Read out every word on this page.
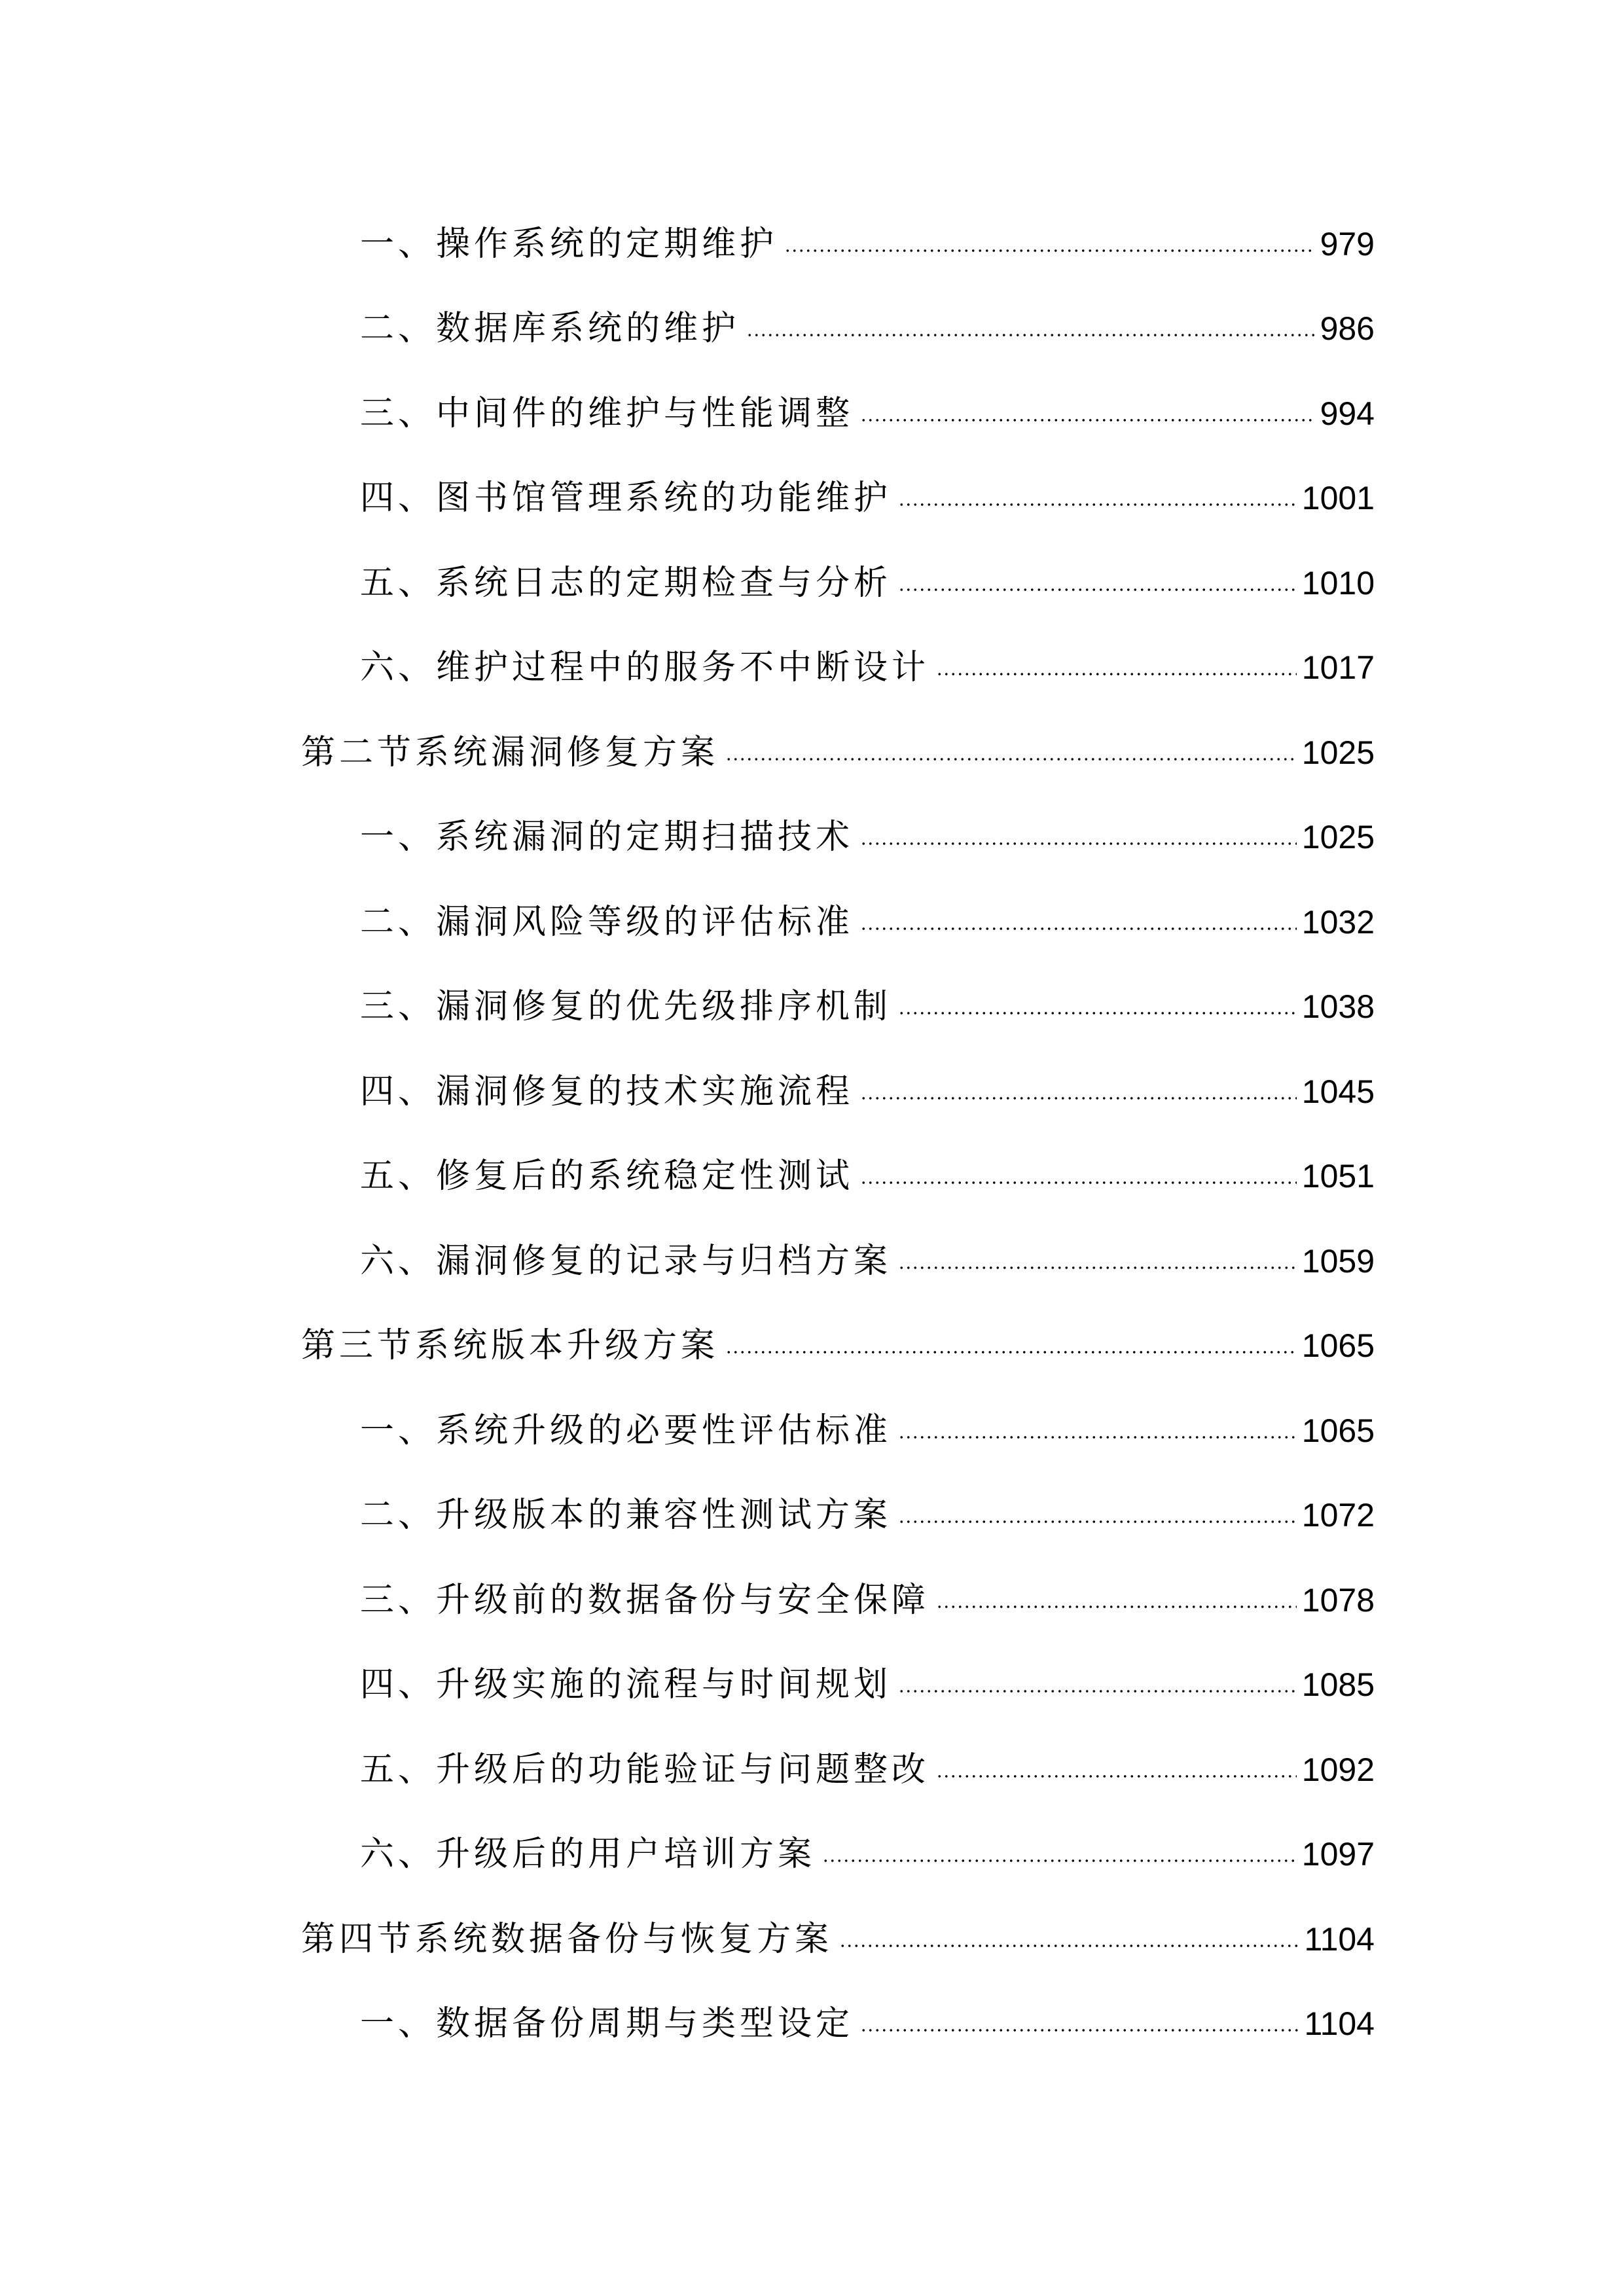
一、操作系统的定期维护	979
二、数据库系统的维护	986
三、中间件的维护与性能调整	994
四、图书馆管理系统的功能维护	1001
五、系统日志的定期检查与分析	1010
六、维护过程中的服务不中断设计	1017
第二节系统漏洞修复方案	1025
一、系统漏洞的定期扫描技术	1025
二、漏洞风险等级的评估标准	1032
三、漏洞修复的优先级排序机制	1038
四、漏洞修复的技术实施流程	1045
五、修复后的系统稳定性测试	1051
六、漏洞修复的记录与归档方案	1059
第三节系统版本升级方案	1065
一、系统升级的必要性评估标准	1065
二、升级版本的兼容性测试方案	1072
三、升级前的数据备份与安全保障	1078
四、升级实施的流程与时间规划	1085
五、升级后的功能验证与问题整改	1092
六、升级后的用户培训方案	1097
第四节系统数据备份与恢复方案	1104
一、数据备份周期与类型设定	1104
